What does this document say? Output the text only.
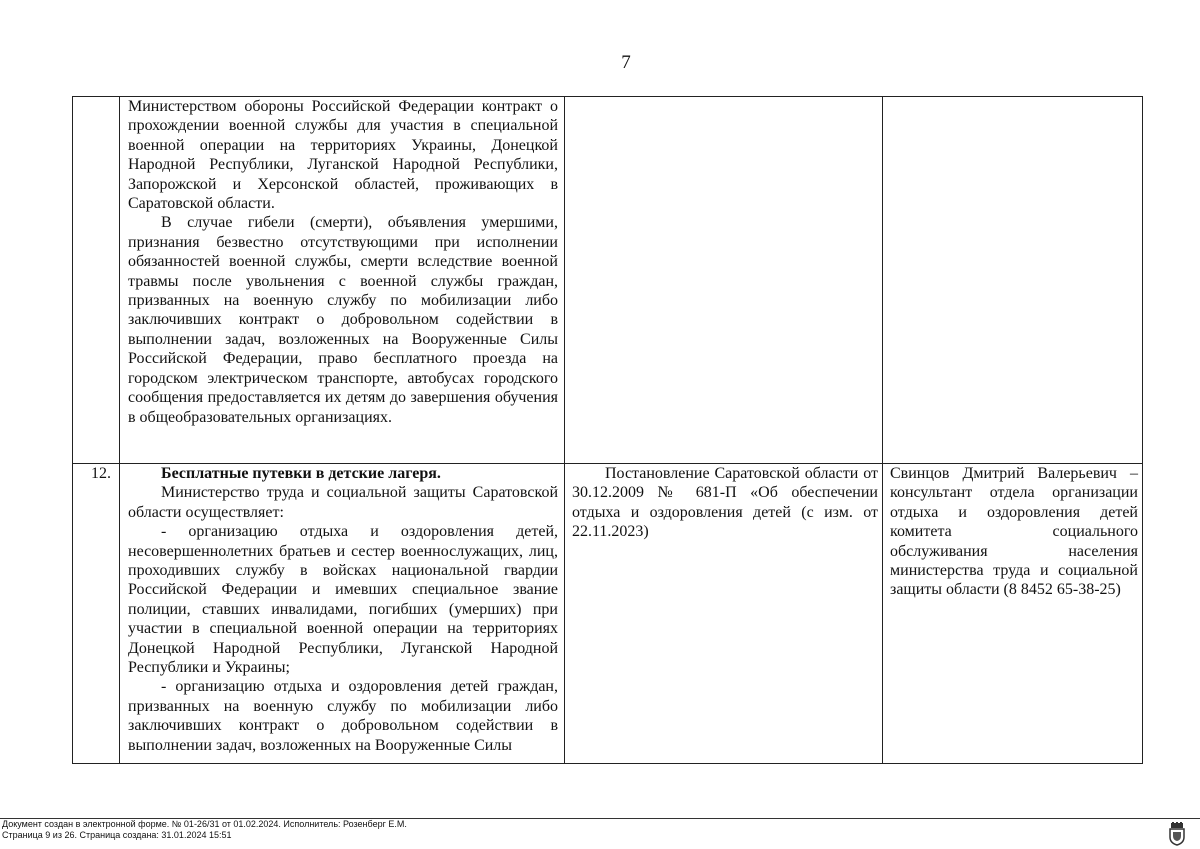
7

	Министерством обороны Российской Федерации контракт о прохождении военной службы для участия в специальной военной операции на территориях Украины, Донецкой Народной Республики, Луганской Народной Республики, Запорожской и Херсонской областей, проживающих в Саратовской области.

В случае гибели (смерти), объявления умершими, признания безвестно отсутствующими при исполнении обязанностей военной службы, смерти вследствие военной травмы после увольнения с военной службы граждан, призванных на военную службу по мобилизации либо заключивших контракт о добровольном содействии в выполнении задач, возложенных на Вооруженные Силы Российской Федерации, право бесплатного проезда на городском электрическом транспорте, автобусах городского сообщения предоставляется их детям до завершения обучения в общеобразовательных организациях.		

12.	Бесплатные путевки в детские лагеря.

Министерство труда и социальной защиты Саратовской области осуществляет:

- организацию отдыха и оздоровления детей, несовершеннолетних братьев и сестер военнослужащих, лиц, проходивших службу в войсках национальной гвардии Российской Федерации и имевших специальное звание полиции, ставших инвалидами, погибших (умерших) при участии в специальной военной операции на территориях Донецкой Народной Республики, Луганской Народной Республики и Украины;

- организацию отдыха и оздоровления детей граждан, призванных на военную службу по мобилизации либо заключивших контракт о добровольном содействии в выполнении задач, возложенных на Вооруженные Силы	Постановление Саратовской области от 30.12.2009 № 681-П «Об обеспечении отдыха и оздоровления детей (с изм. от 22.11.2023)	Свинцов Дмитрий Валерьевич – консультант отдела организации отдыха и оздоровления детей комитета социального обслуживания населения министерства труда и социальной защиты области (8 8452 65-38-25)
Документ создан в электронной форме. № 01-26/31 от 01.02.2024. Исполнитель: Розенберг Е.М.
Страница 9 из 26. Страница создана: 31.01.2024 15:51
